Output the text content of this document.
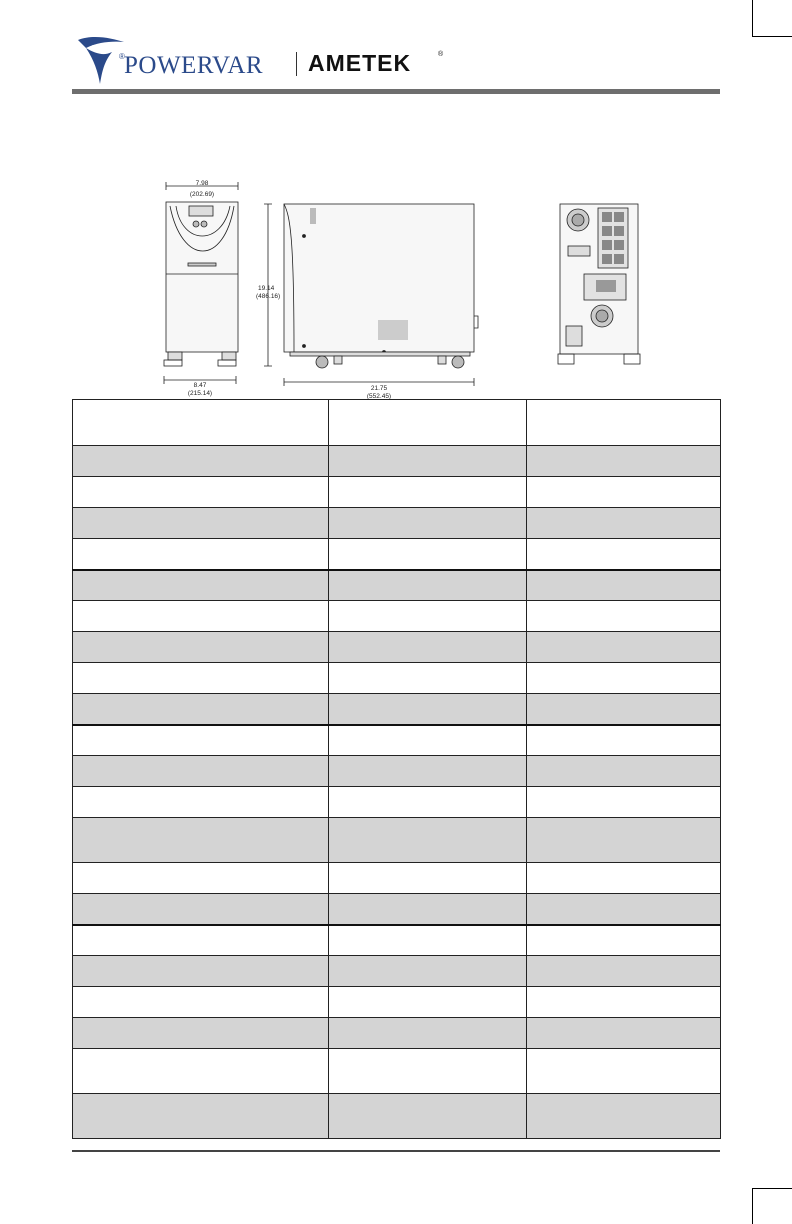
® POWERVAR AMETEK	®
7.98
(202.69)
8.47
(215.14)
19.14
(486.16)
21.75
(552.45)
